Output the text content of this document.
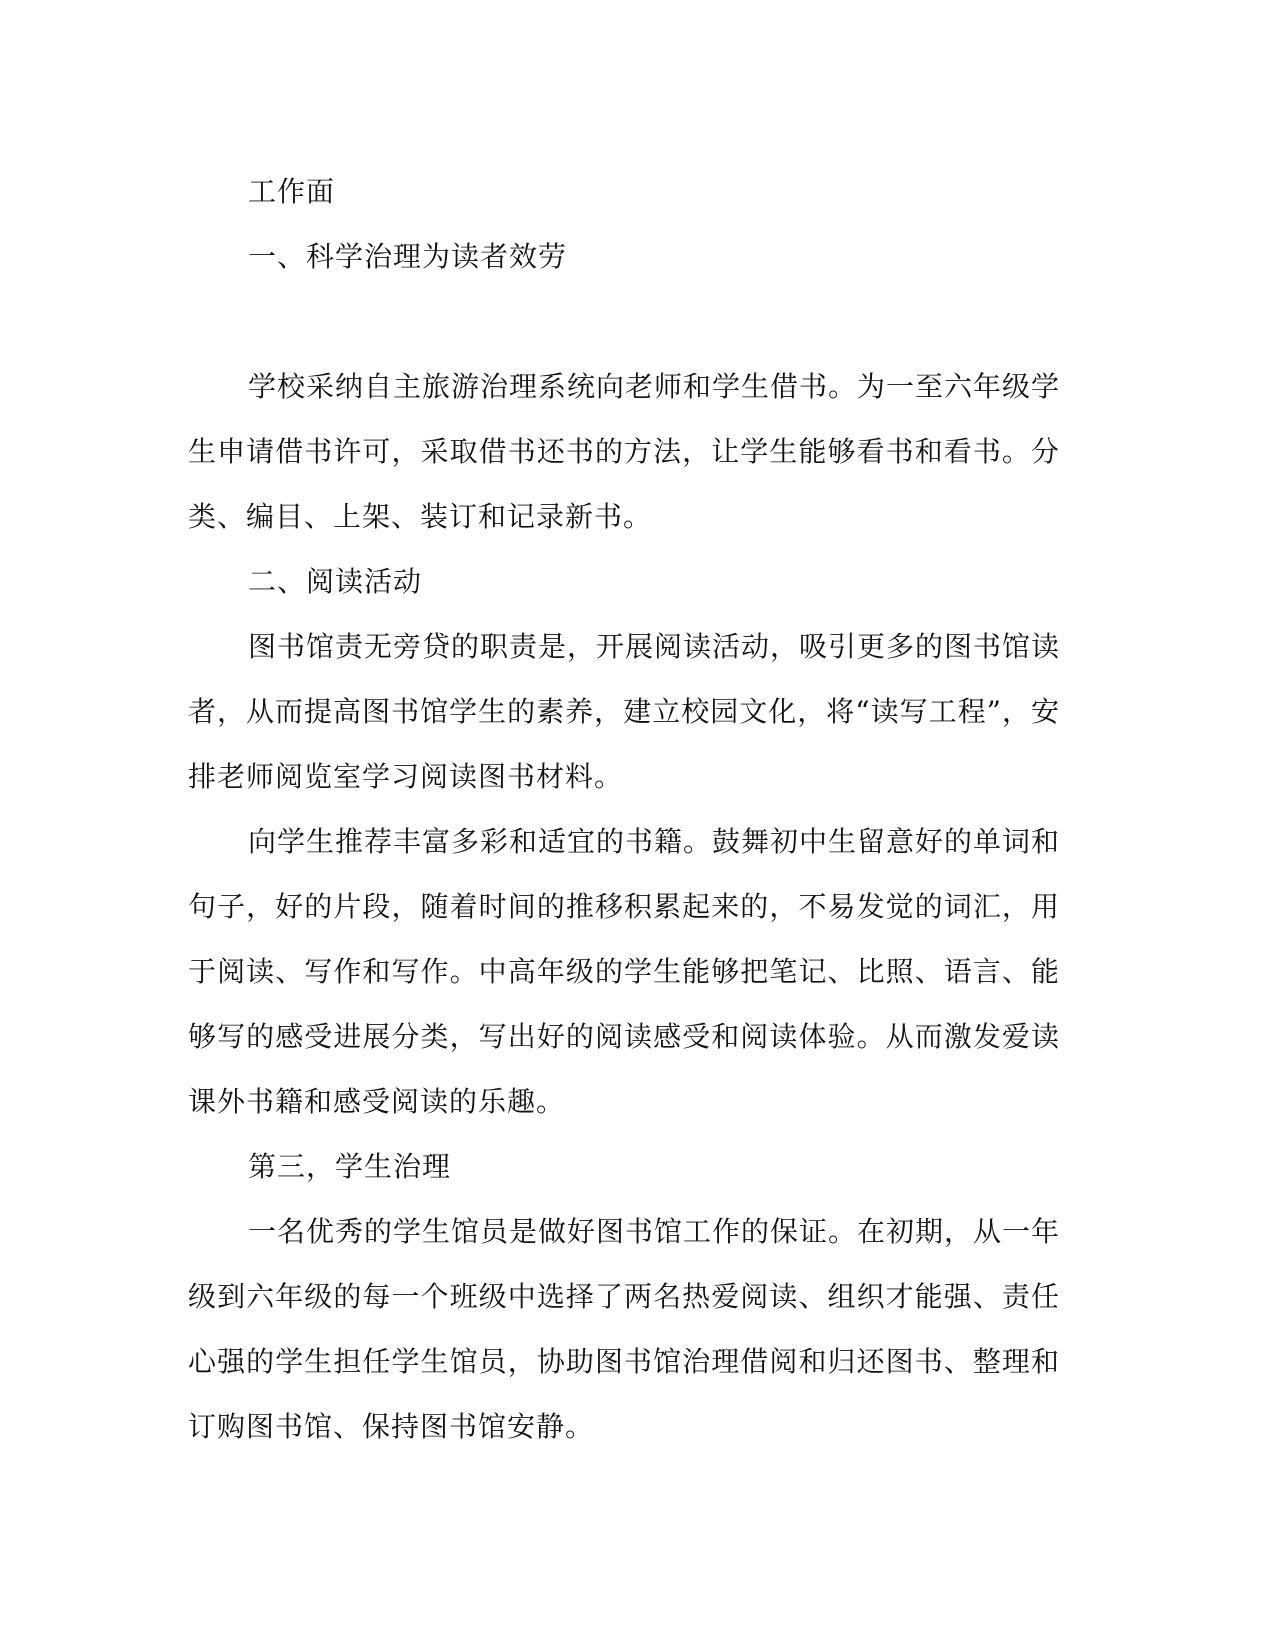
工作面

一、科学治理为读者效劳

学校采纳自主旅游治理系统向老师和学生借书。为一至六年级学生申请借书许可，采取借书还书的方法，让学生能够看书和看书。分类、编目、上架、装订和记录新书。

二、阅读活动

图书馆责无旁贷的职责是，开展阅读活动，吸引更多的图书馆读者，从而提高图书馆学生的素养，建立校园文化，将“读写工程”，安排老师阅览室学习阅读图书材料。

向学生推荐丰富多彩和适宜的书籍。鼓舞初中生留意好的单词和句子，好的片段，随着时间的推移积累起来的，不易发觉的词汇，用于阅读、写作和写作。中高年级的学生能够把笔记、比照、语言、能够写的感受进展分类，写出好的阅读感受和阅读体验。从而激发爱读课外书籍和感受阅读的乐趣。

第三，学生治理

一名优秀的学生馆员是做好图书馆工作的保证。在初期，从一年级到六年级的每一个班级中选择了两名热爱阅读、组织才能强、责任心强的学生担任学生馆员，协助图书馆治理借阅和归还图书、整理和订购图书馆、保持图书馆安静。
